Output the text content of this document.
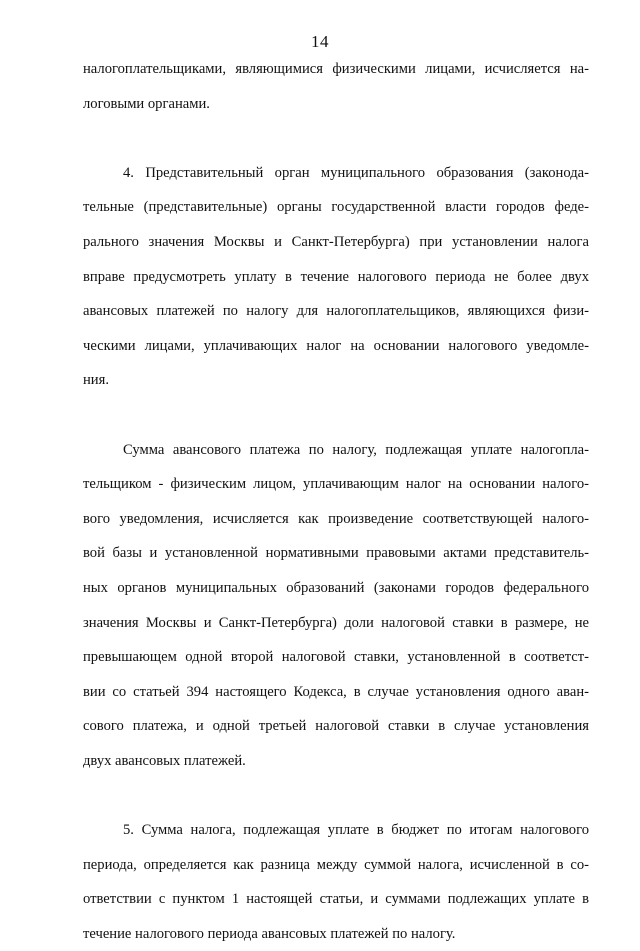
14
налогоплательщиками, являющимися физическими лицами, исчисляется на-
логовыми органами.
4. Представительный орган муниципального образования (законода-
тельные (представительные) органы государственной власти городов феде-
рального значения Москвы и Санкт-Петербурга) при установлении налога
вправе предусмотреть уплату в течение налогового периода не более двух
авансовых платежей по налогу для налогоплательщиков, являющихся физи-
ческими лицами, уплачивающих налог на основании налогового уведомле-
ния.
Сумма авансового платежа по налогу, подлежащая уплате налогопла-
тельщиком - физическим лицом, уплачивающим налог на основании налого-
вого уведомления, исчисляется как произведение соответствующей налого-
вой базы и установленной нормативными правовыми актами представитель-
ных органов муниципальных образований (законами городов федерального
значения Москвы и Санкт-Петербурга) доли налоговой ставки в размере, не
превышающем одной второй налоговой ставки, установленной в соответст-
вии со статьей 394 настоящего Кодекса, в случае установления одного аван-
сового платежа, и одной третьей налоговой ставки в случае установления
двух авансовых платежей.
5. Сумма налога, подлежащая уплате в бюджет по итогам налогового
периода, определяется как разница между суммой налога, исчисленной в со-
ответствии с пунктом 1 настоящей статьи, и суммами подлежащих уплате в
течение налогового периода авансовых платежей по налогу.
